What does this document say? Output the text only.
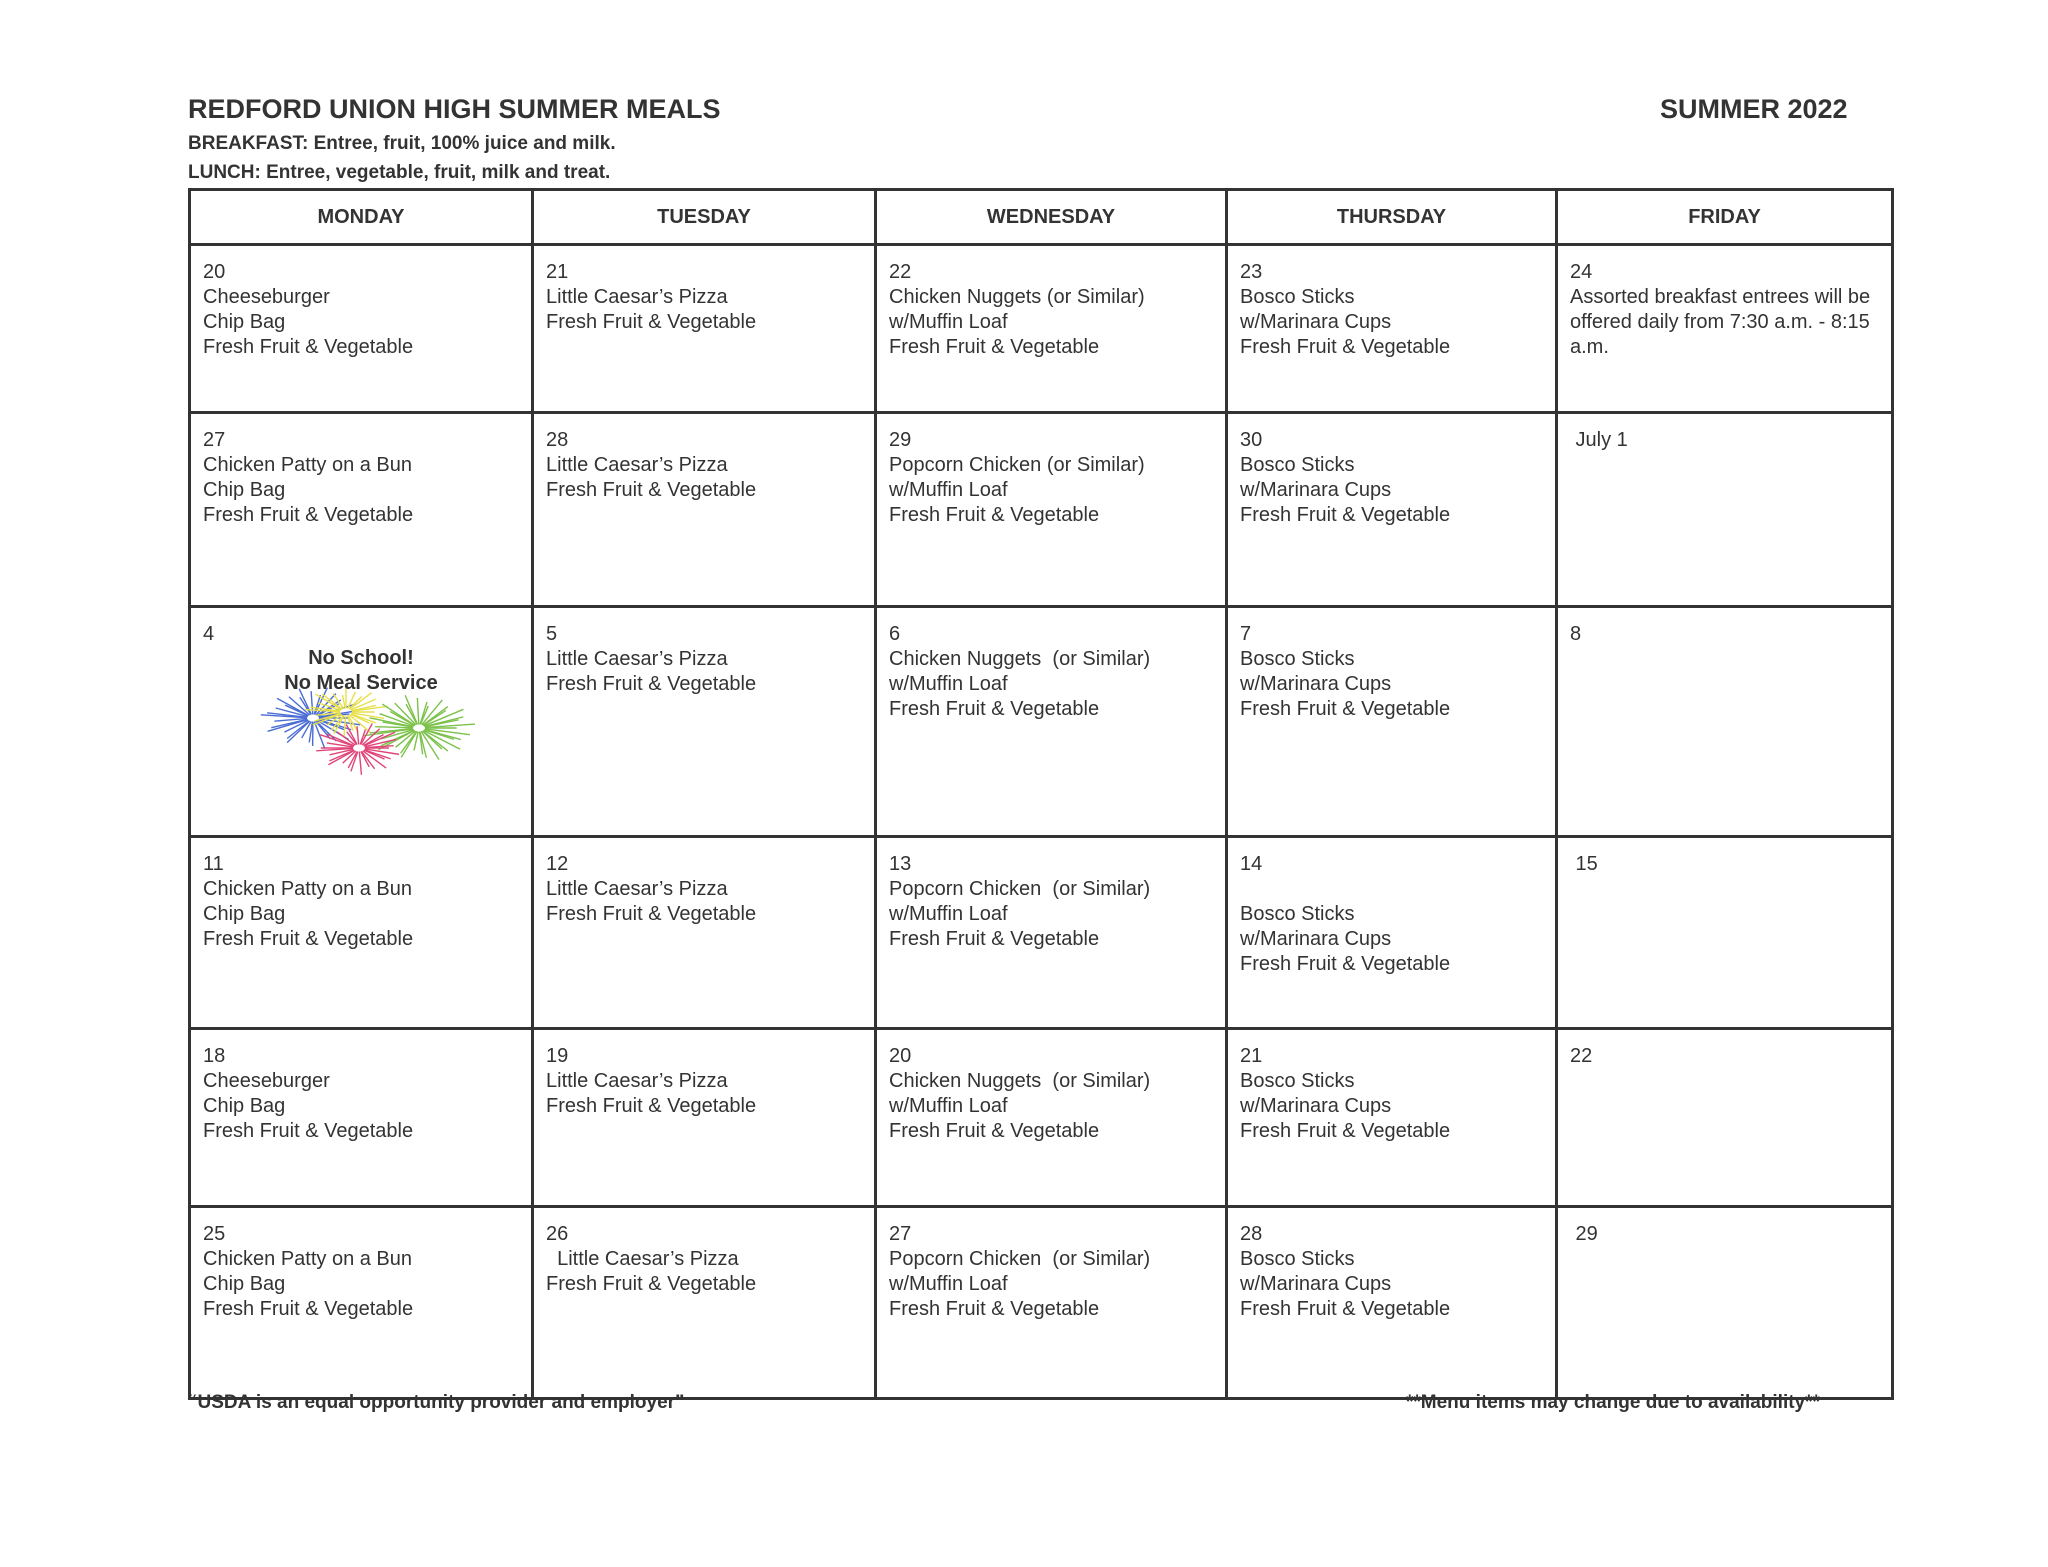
REDFORD UNION HIGH SUMMER MEALS	SUMMER 2022
BREAKFAST: Entree, fruit, 100% juice and milk.
LUNCH: Entree, vegetable, fruit, milk and treat.
MONDAY	TUESDAY	WEDNESDAY	THURSDAY	FRIDAY

20
Cheeseburger
Chip Bag
Fresh Fruit & Vegetable	21
Little Caesar’s Pizza
Fresh Fruit & Vegetable	22
Chicken Nuggets (or Similar)
w/Muffin Loaf
Fresh Fruit & Vegetable	23
Bosco Sticks
w/Marinara Cups
Fresh Fruit & Vegetable	24
Assorted breakfast entrees will be offered daily from 7:30 a.m. - 8:15 a.m.

27
Chicken Patty on a Bun
Chip Bag
Fresh Fruit & Vegetable	28
Little Caesar’s Pizza
Fresh Fruit & Vegetable	29
Popcorn Chicken (or Similar)
w/Muffin Loaf
Fresh Fruit & Vegetable	30
Bosco Sticks
w/Marinara Cups
Fresh Fruit & Vegetable	July 1

4
No School!
No Meal Service	5
Little Caesar’s Pizza
Fresh Fruit & Vegetable	6
Chicken Nuggets  (or Similar)
w/Muffin Loaf
Fresh Fruit & Vegetable	7
Bosco Sticks
w/Marinara Cups
Fresh Fruit & Vegetable	8

11
Chicken Patty on a Bun
Chip Bag
Fresh Fruit & Vegetable	12
Little Caesar’s Pizza
Fresh Fruit & Vegetable	13
Popcorn Chicken  (or Similar)
w/Muffin Loaf
Fresh Fruit & Vegetable	14

Bosco Sticks
w/Marinara Cups
Fresh Fruit & Vegetable	15

18
Cheeseburger
Chip Bag
Fresh Fruit & Vegetable	19
Little Caesar’s Pizza
Fresh Fruit & Vegetable	20
Chicken Nuggets  (or Similar)
w/Muffin Loaf
Fresh Fruit & Vegetable	21
Bosco Sticks
w/Marinara Cups
Fresh Fruit & Vegetable	22

25
Chicken Patty on a Bun
Chip Bag
Fresh Fruit & Vegetable	26
Little Caesar’s Pizza
Fresh Fruit & Vegetable	27
Popcorn Chicken  (or Similar)
w/Muffin Loaf
Fresh Fruit & Vegetable	28
Bosco Sticks
w/Marinara Cups
Fresh Fruit & Vegetable	29
“USDA is an equal opportunity provider and employer”	**Menu items may change due to availability**
